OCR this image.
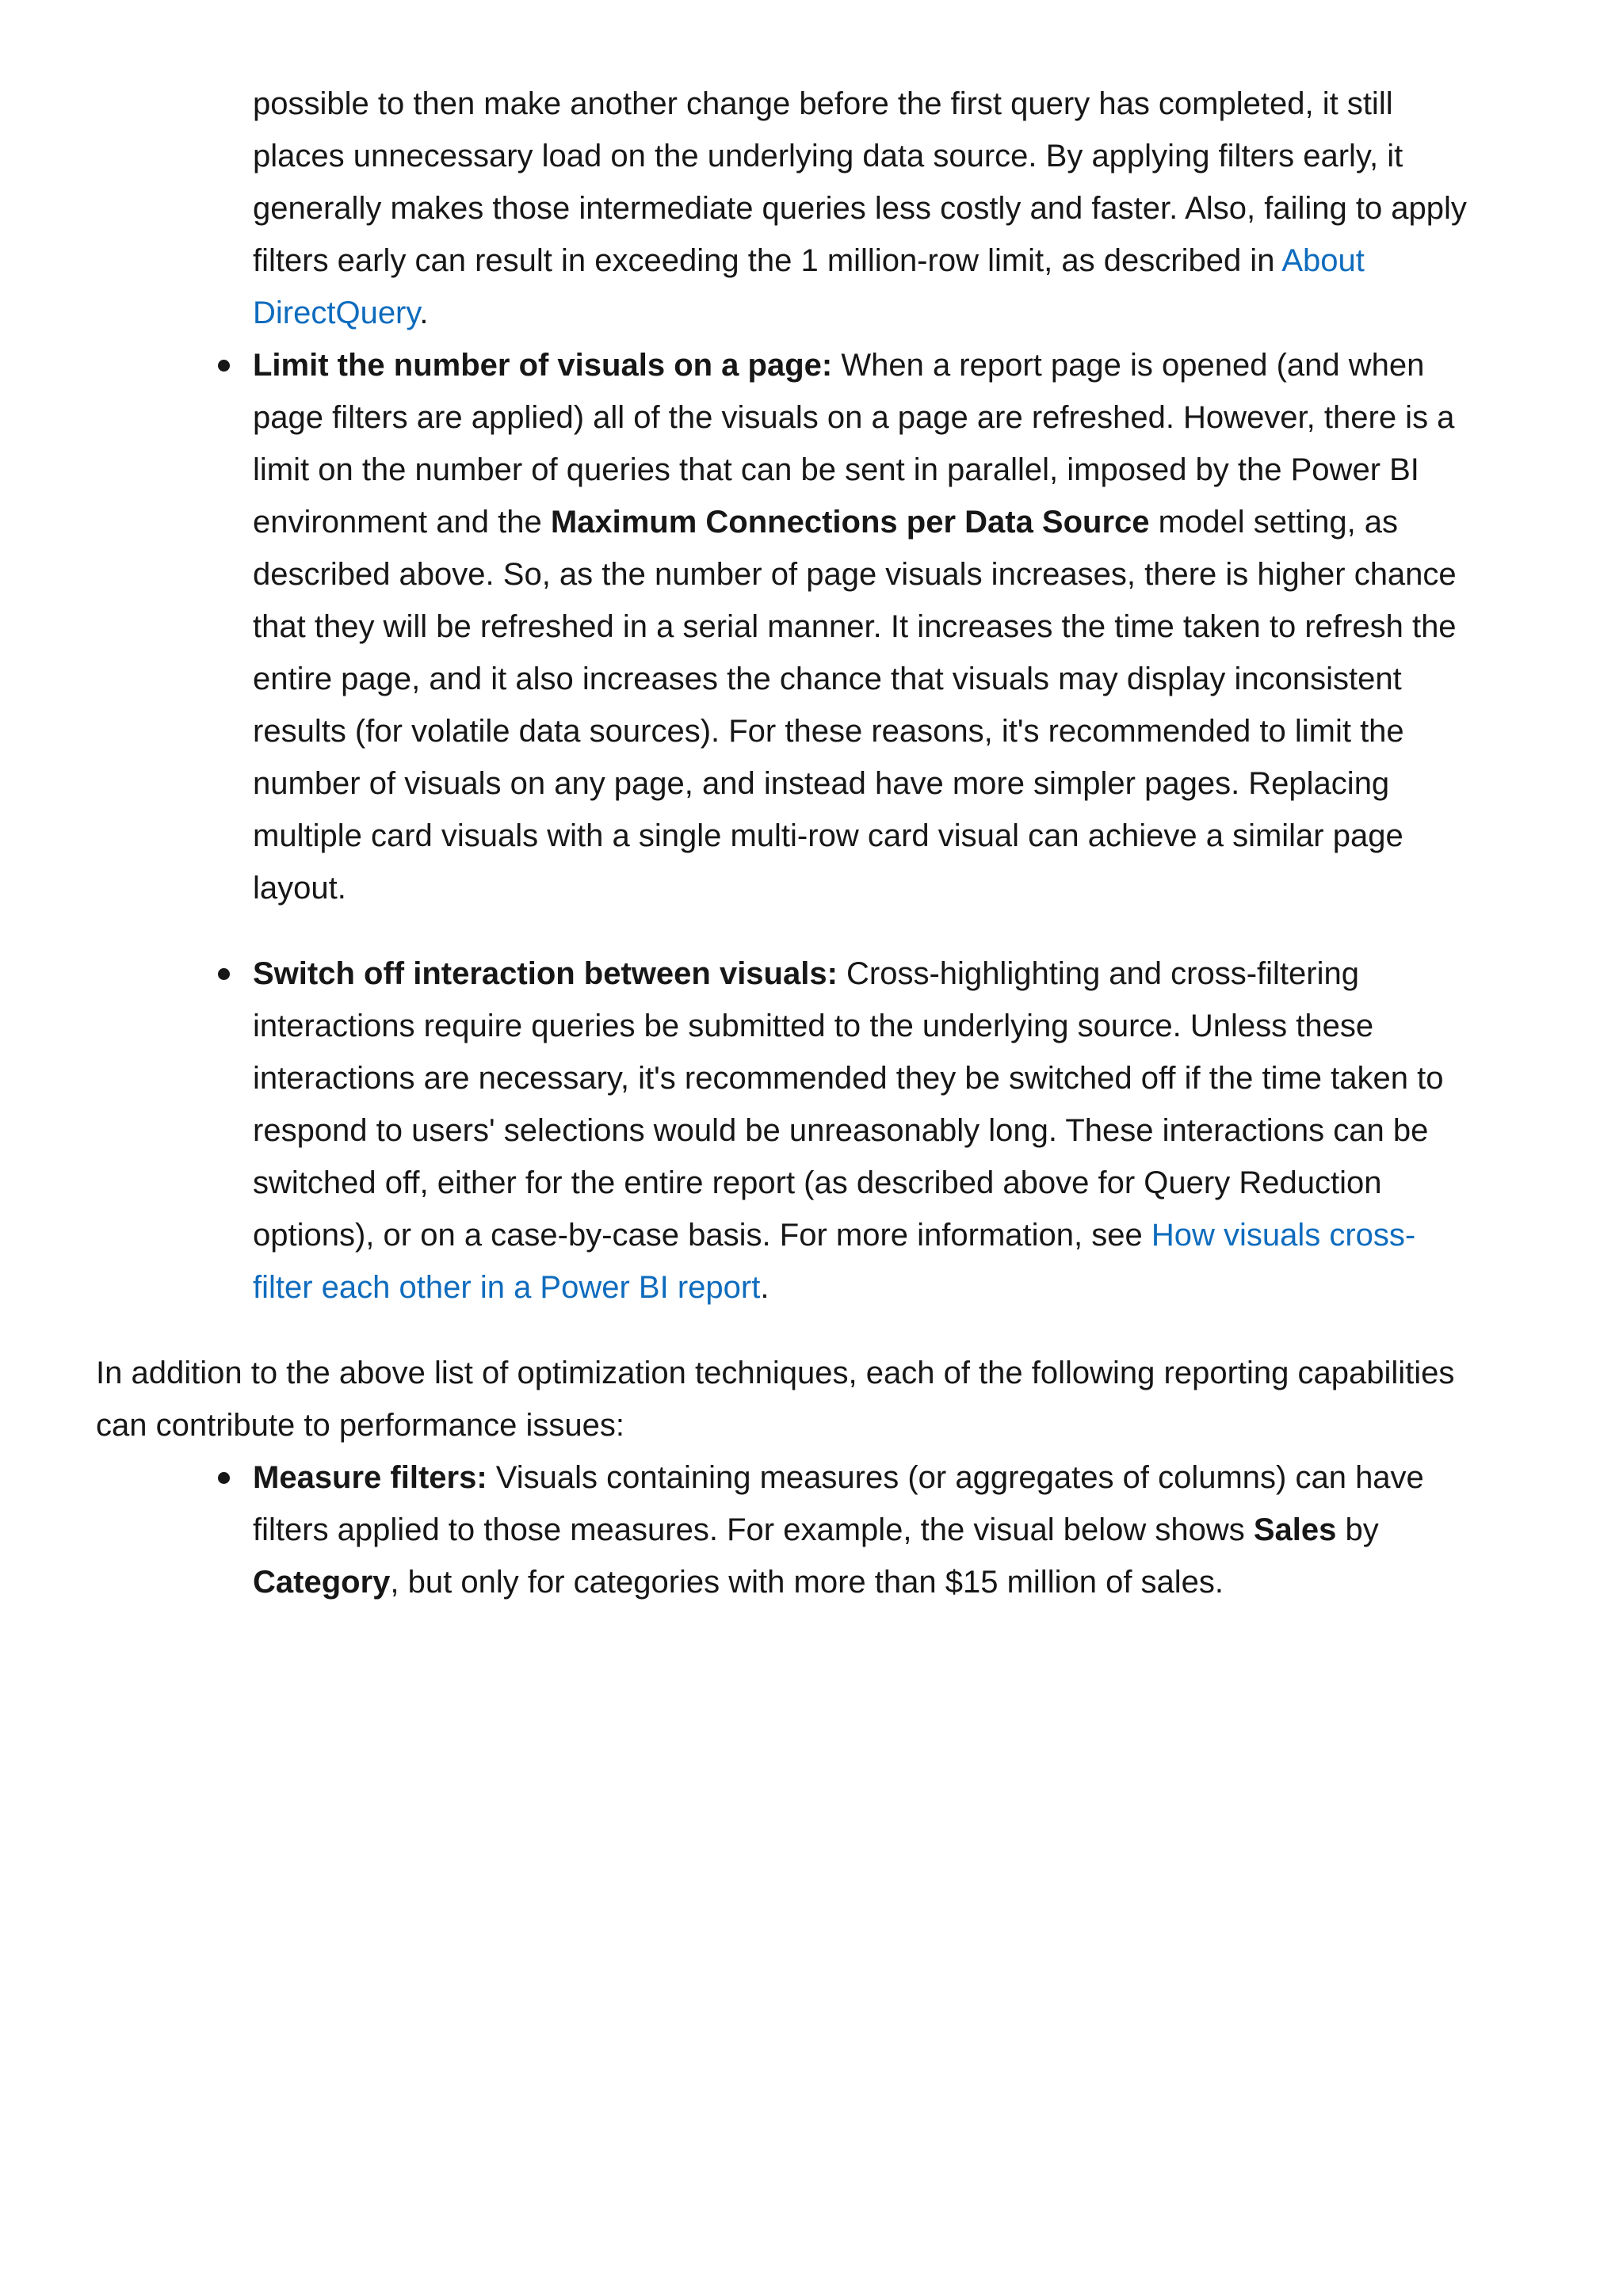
possible to then make another change before the first query has completed, it still places unnecessary load on the underlying data source. By applying filters early, it generally makes those intermediate queries less costly and faster. Also, failing to apply filters early can result in exceeding the 1 million-row limit, as described in About DirectQuery.

Limit the number of visuals on a page: When a report page is opened (and when page filters are applied) all of the visuals on a page are refreshed. However, there is a limit on the number of queries that can be sent in parallel, imposed by the Power BI environment and the Maximum Connections per Data Source model setting, as described above. So, as the number of page visuals increases, there is higher chance that they will be refreshed in a serial manner. It increases the time taken to refresh the entire page, and it also increases the chance that visuals may display inconsistent results (for volatile data sources). For these reasons, it's recommended to limit the number of visuals on any page, and instead have more simpler pages. Replacing multiple card visuals with a single multi-row card visual can achieve a similar page layout.
Switch off interaction between visuals: Cross-highlighting and cross-filtering interactions require queries be submitted to the underlying source. Unless these interactions are necessary, it's recommended they be switched off if the time taken to respond to users' selections would be unreasonably long. These interactions can be switched off, either for the entire report (as described above for Query Reduction options), or on a case-by-case basis. For more information, see How visuals cross-filter each other in a Power BI report.

In addition to the above list of optimization techniques, each of the following reporting capabilities can contribute to performance issues:

Measure filters: Visuals containing measures (or aggregates of columns) can have filters applied to those measures. For example, the visual below shows Sales by Category, but only for categories with more than $15 million of sales.
